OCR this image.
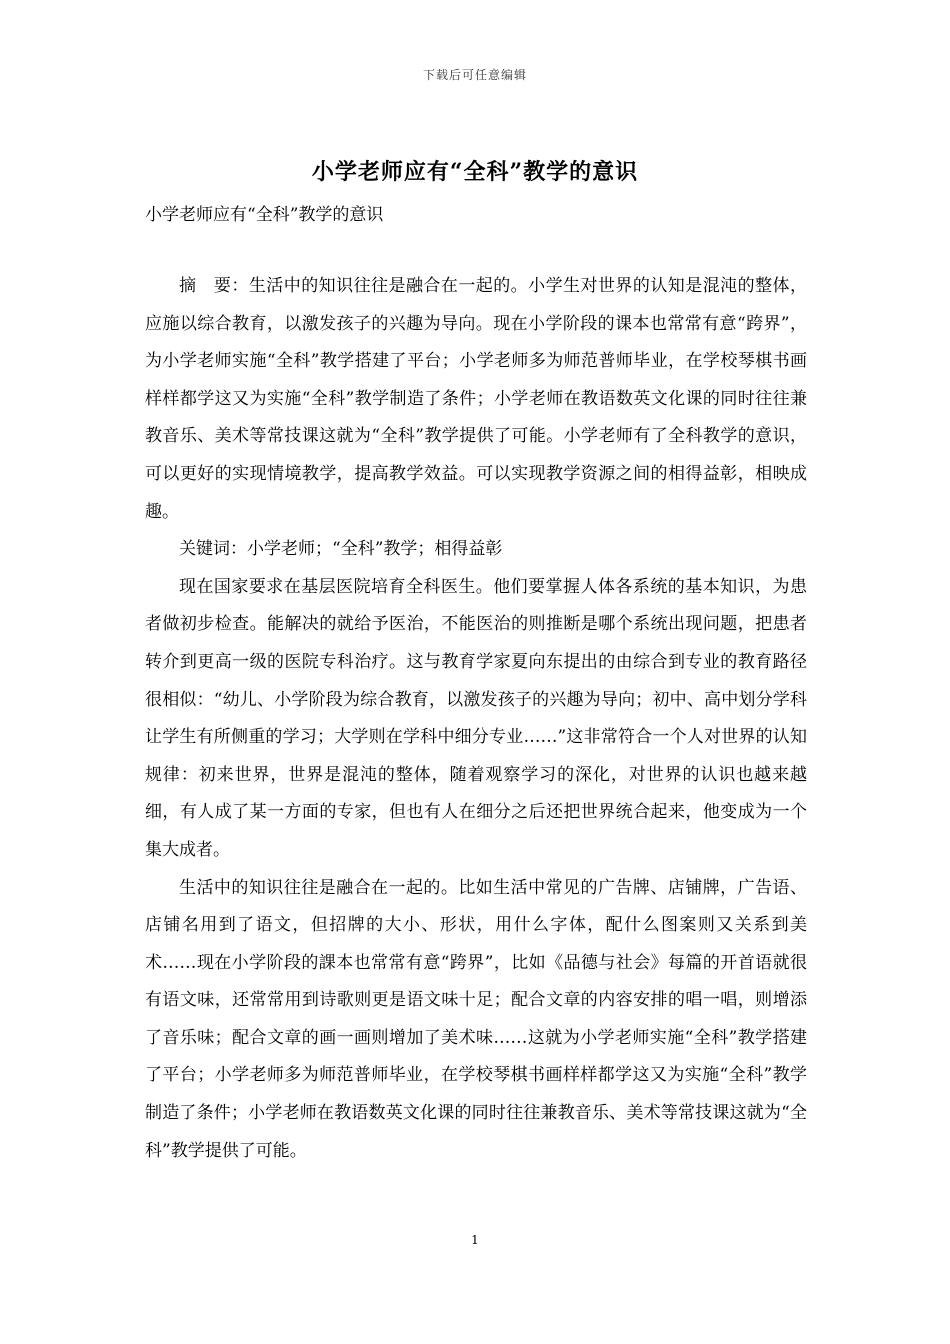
下载后可任意编辑
小学老师应有“全科”教学的意识
小学老师应有“全科”教学的意识

摘　要：生活中的知识往往是融合在一起的。小学生对世界的认知是混沌的整体，应施以综合教育，以激发孩子的兴趣为导向。现在小学阶段的课本也常常有意“跨界”，为小学老师实施“全科”教学搭建了平台；小学老师多为师范普师毕业，在学校琴棋书画样样都学这又为实施“全科”教学制造了条件；小学老师在教语数英文化课的同时往往兼教音乐、美术等常技课这就为“全科”教学提供了可能。小学老师有了全科教学的意识，可以更好的实现情境教学，提高教学效益。可以实现教学资源之间的相得益彰，相映成趣。

关键词：小学老师；“全科”教学；相得益彰

现在国家要求在基层医院培育全科医生。他们要掌握人体各系统的基本知识，为患者做初步检查。能解决的就给予医治，不能医治的则推断是哪个系统出现问题，把患者转介到更高一级的医院专科治疗。这与教育学家夏向东提出的由综合到专业的教育路径很相似：“幼儿、小学阶段为综合教育，以激发孩子的兴趣为导向；初中、高中划分学科让学生有所侧重的学习；大学则在学科中细分专业……”这非常符合一个人对世界的认知规律：初来世界，世界是混沌的整体，随着观察学习的深化，对世界的认识也越来越细，有人成了某一方面的专家，但也有人在细分之后还把世界统合起来，他变成为一个集大成者。

生活中的知识往往是融合在一起的。比如生活中常见的广告牌、店铺牌，广告语、店铺名用到了语文，但招牌的大小、形状，用什么字体，配什么图案则又关系到美术……现在小学阶段的課本也常常有意“跨界”，比如《品德与社会》每篇的开首语就很有语文味，还常常用到诗歌则更是语文味十足；配合文章的内容安排的唱一唱，则增添了音乐味；配合文章的画一画则增加了美术味……这就为小学老师实施“全科”教学搭建了平台；小学老师多为师范普师毕业，在学校琴棋书画样样都学这又为实施“全科”教学制造了条件；小学老师在教语数英文化课的同时往往兼教音乐、美术等常技课这就为“全科”教学提供了可能。

1
